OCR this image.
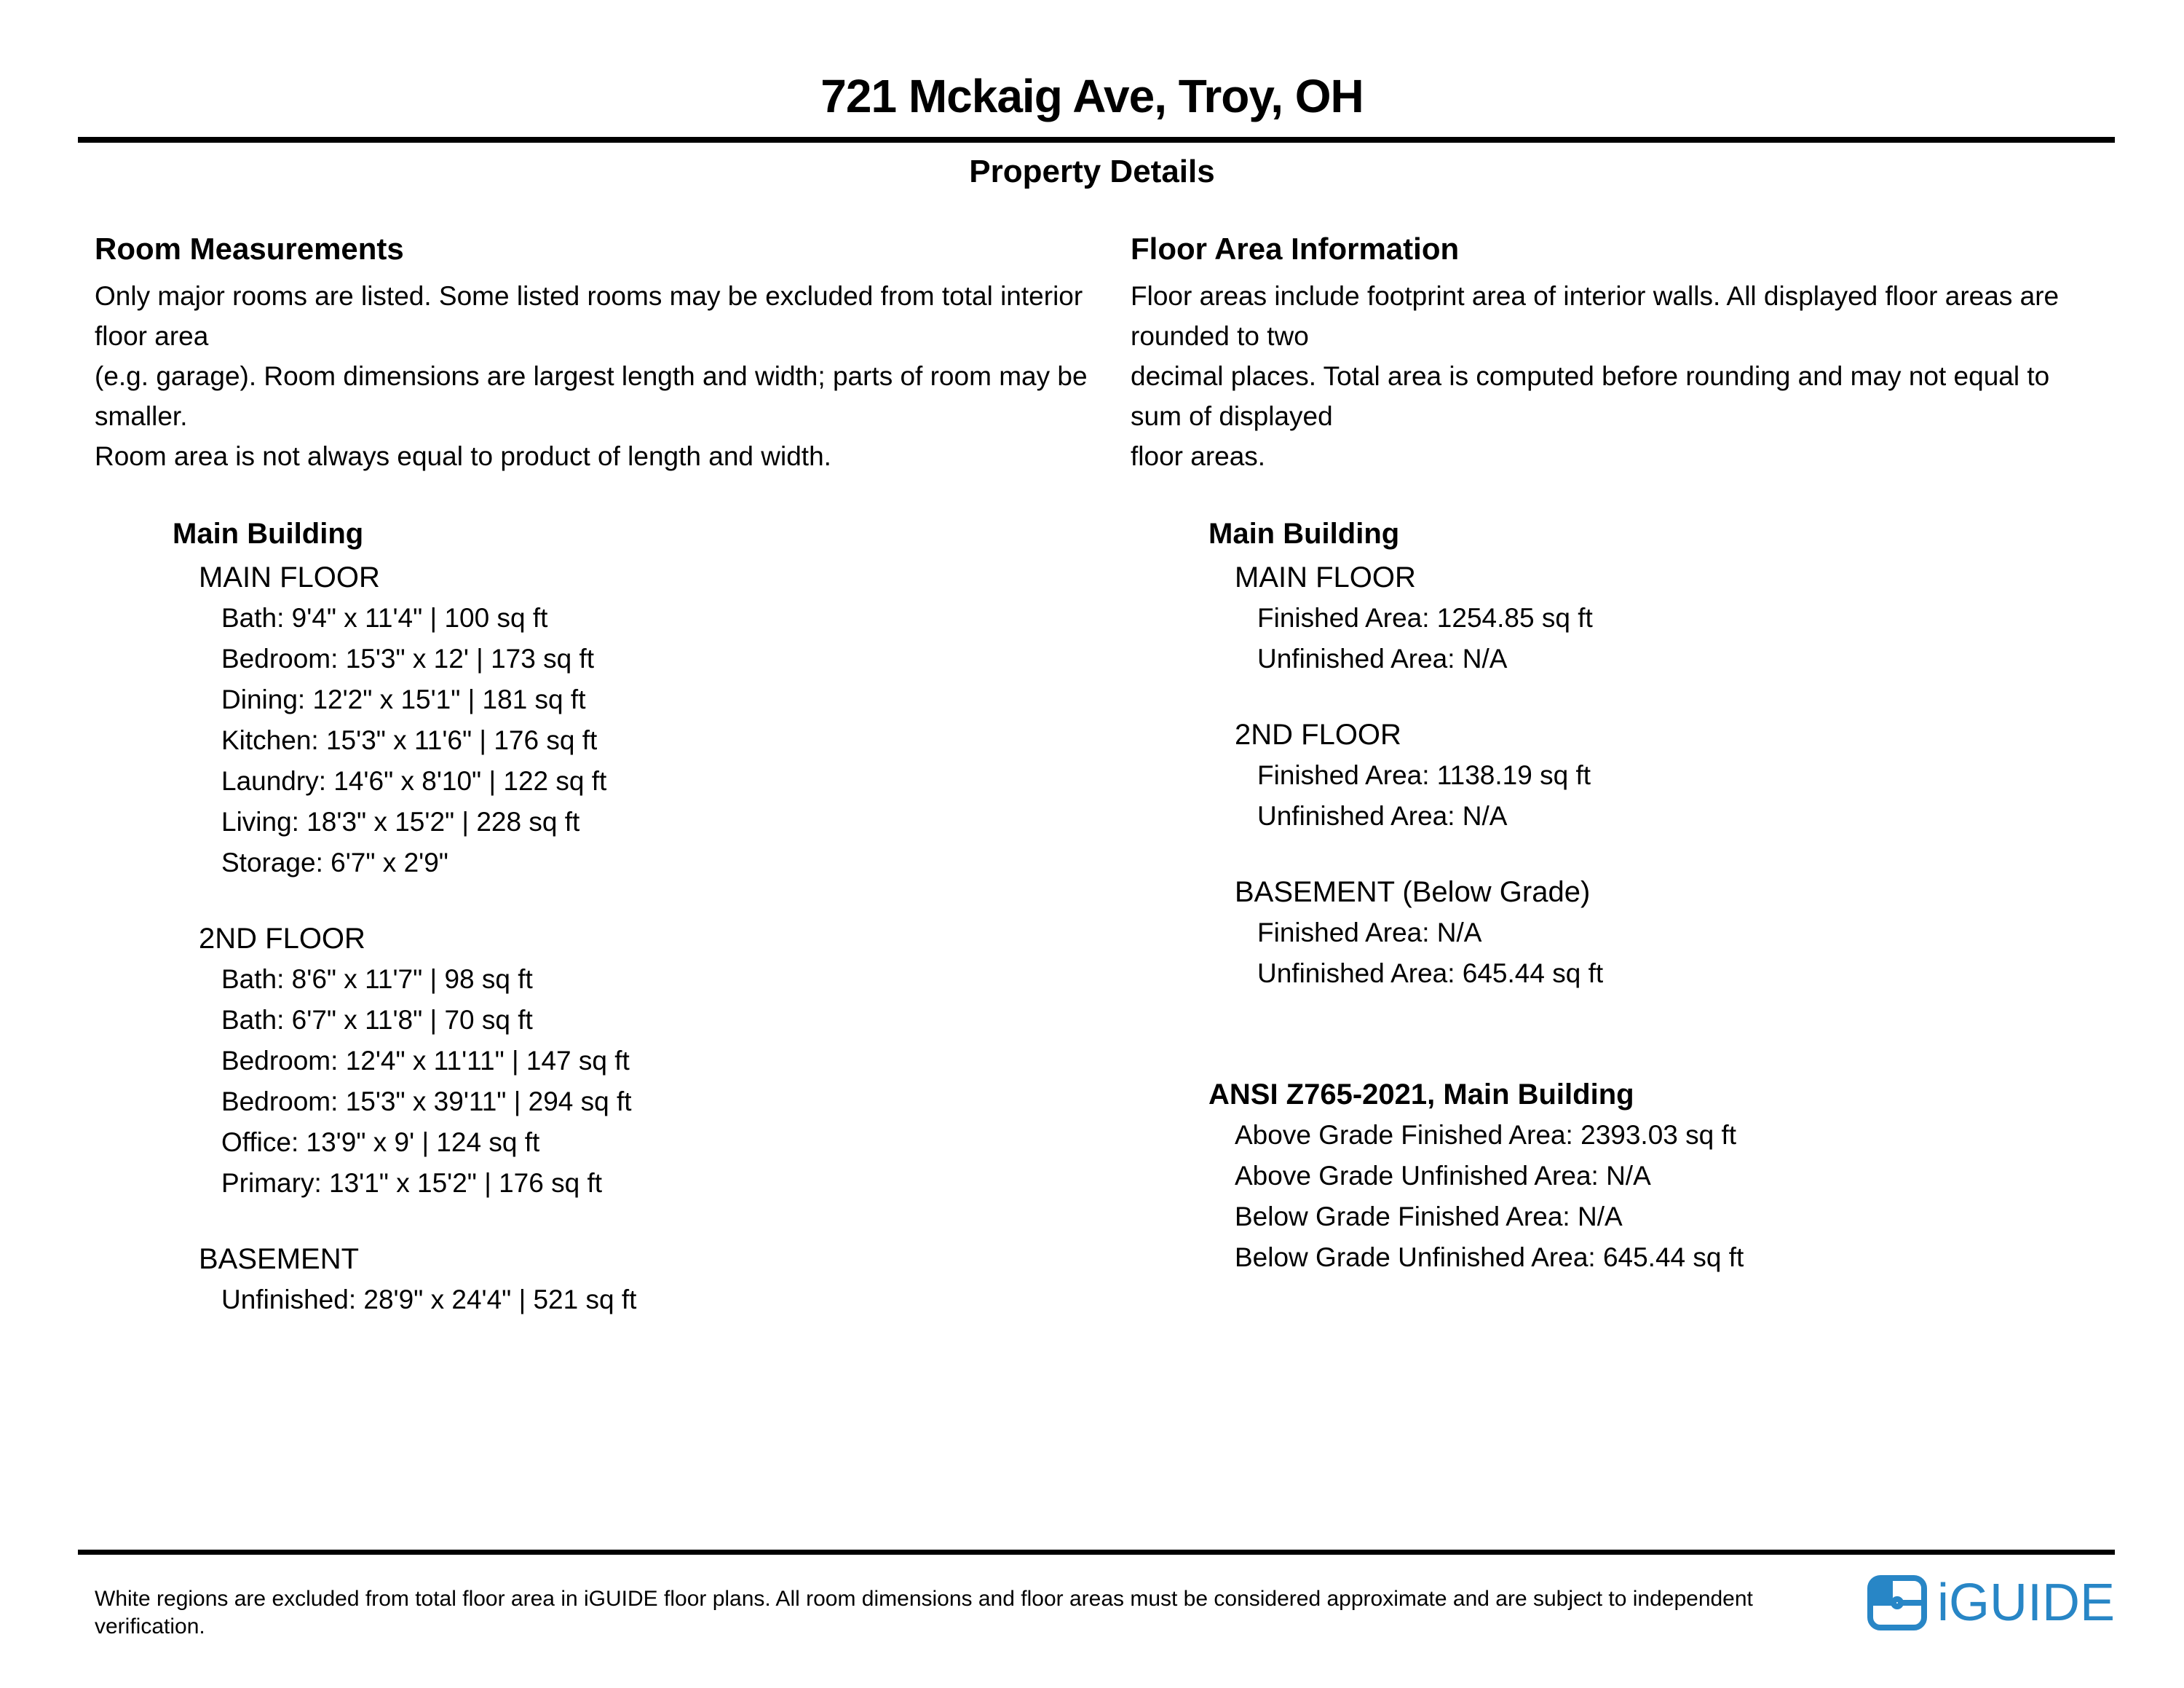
721 Mckaig Ave, Troy, OH
Property Details
Room Measurements
Only major rooms are listed. Some listed rooms may be excluded from total interior floor area
(e.g. garage). Room dimensions are largest length and width; parts of room may be smaller.
Room area is not always equal to product of length and width.
Main Building
MAIN FLOOR
Bath: 9'4" x 11'4" | 100 sq ft
Bedroom: 15'3" x 12' | 173 sq ft
Dining: 12'2" x 15'1" | 181 sq ft
Kitchen: 15'3" x 11'6" | 176 sq ft
Laundry: 14'6" x 8'10" | 122 sq ft
Living: 18'3" x 15'2" | 228 sq ft
Storage: 6'7" x 2'9"
2ND FLOOR
Bath: 8'6" x 11'7" | 98 sq ft
Bath: 6'7" x 11'8" | 70 sq ft
Bedroom: 12'4" x 11'11" | 147 sq ft
Bedroom: 15'3" x 39'11" | 294 sq ft
Office: 13'9" x 9' | 124 sq ft
Primary: 13'1" x 15'2" | 176 sq ft
BASEMENT
Unfinished: 28'9" x 24'4" | 521 sq ft
Floor Area Information
Floor areas include footprint area of interior walls. All displayed floor areas are rounded to two
decimal places. Total area is computed before rounding and may not equal to sum of displayed
floor areas.
Main Building
MAIN FLOOR
Finished Area: 1254.85 sq ft
Unfinished Area: N/A
2ND FLOOR
Finished Area: 1138.19 sq ft
Unfinished Area: N/A
BASEMENT (Below Grade)
Finished Area: N/A
Unfinished Area: 645.44 sq ft
ANSI Z765-2021, Main Building
Above Grade Finished Area: 2393.03 sq ft
Above Grade Unfinished Area: N/A
Below Grade Finished Area: N/A
Below Grade Unfinished Area: 645.44 sq ft

White regions are excluded from total floor area in iGUIDE floor plans. All room dimensions and floor areas must be considered approximate and are subject to independent verification.	iGUIDE
